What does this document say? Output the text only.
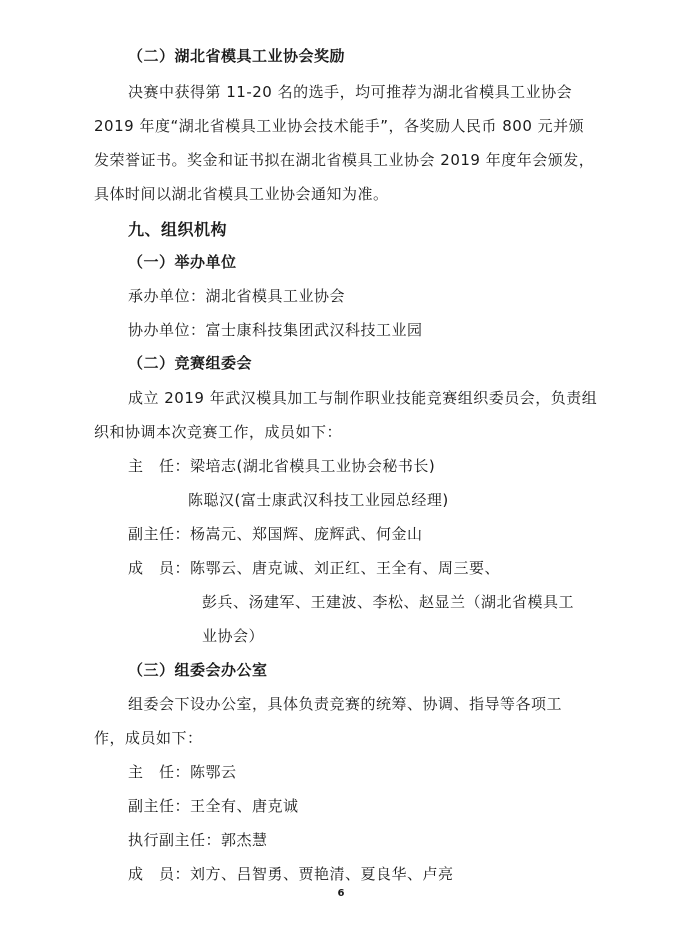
（二）湖北省模具工业协会奖励
决赛中获得第 11-20 名的选手，均可推荐为湖北省模具工业协会
2019 年度“湖北省模具工业协会技术能手”，各奖励人民币 800 元并颁
发荣誉证书。奖金和证书拟在湖北省模具工业协会 2019 年度年会颁发，
具体时间以湖北省模具工业协会通知为准。
九、组织机构
（一）举办单位
承办单位：湖北省模具工业协会
协办单位：富士康科技集团武汉科技工业园
（二）竞赛组委会
成立 2019 年武汉模具加工与制作职业技能竞赛组织委员会，负责组
织和协调本次竞赛工作，成员如下：
主　任：梁培志(湖北省模具工业协会秘书长)
陈聪汉(富士康武汉科技工业园总经理)
副主任：杨嵩元、郑国辉、庞辉武、何金山
成　员：陈鄂云、唐克诚、刘正红、王全有、周三要、
彭兵、汤建军、王建波、李松、赵显兰（湖北省模具工
业协会）
（三）组委会办公室
组委会下设办公室，具体负责竞赛的统筹、协调、指导等各项工
作，成员如下：
主　任：陈鄂云
副主任：王全有、唐克诚
执行副主任：郭杰慧
成　员：刘方、吕智勇、贾艳清、夏良华、卢亮
6
